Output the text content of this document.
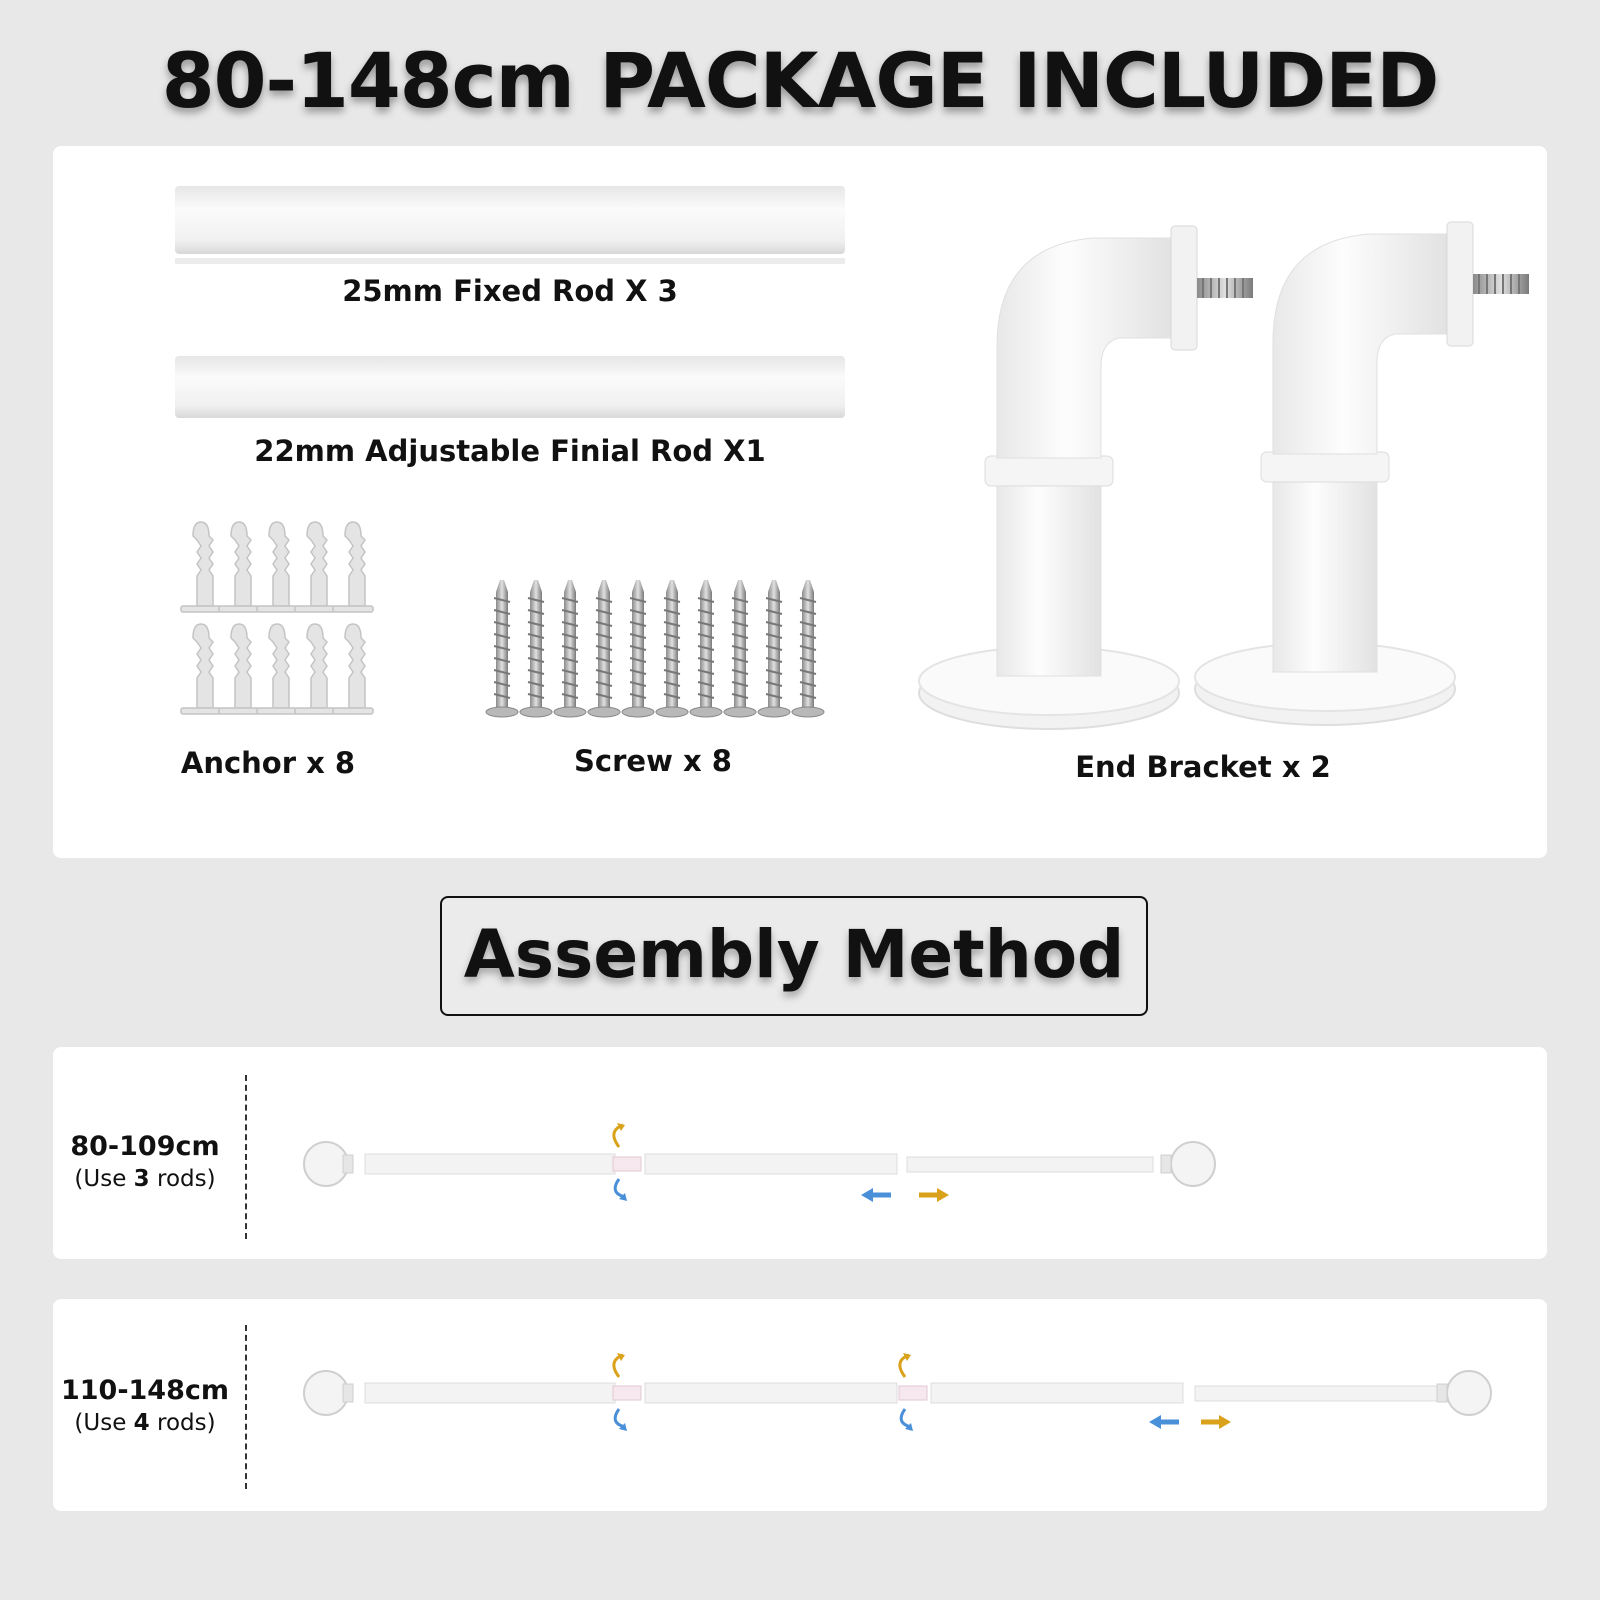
80-148cm PACKAGE INCLUDED
25mm Fixed Rod X 3
22mm Adjustable Finial Rod X1
Anchor x 8	Screw x 8	End Bracket x 2
Assembly Method
80-109cm
(Use 3 rods)
110-148cm
(Use 4 rods)
